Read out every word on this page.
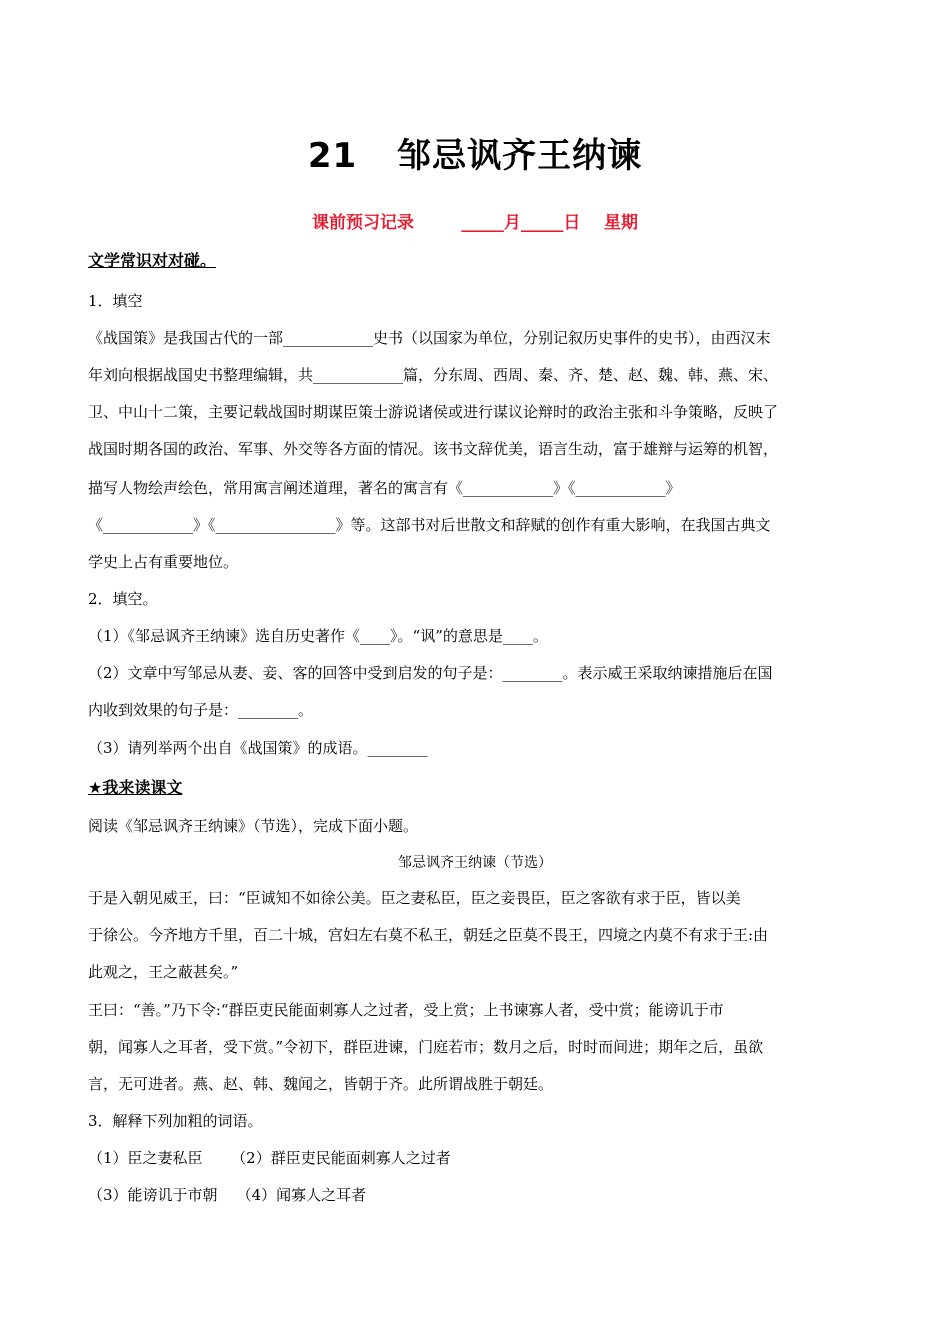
21 邹忌讽齐王纳谏
课前预习记录        _____月_____日    星期
文学常识对对碰。
1．填空
《战国策》是我国古代的一部____________史书（以国家为单位，分别记叙历史事件的史书），由西汉末
年刘向根据战国史书整理编辑，共____________篇，分东周、西周、秦、齐、楚、赵、魏、韩、燕、宋、
卫、中山十二策，主要记载战国时期谋臣策士游说诸侯或进行谋议论辩时的政治主张和斗争策略，反映了
战国时期各国的政治、军事、外交等各方面的情况。该书文辞优美，语言生动，富于雄辩与运筹的机智，
描写人物绘声绘色，常用寓言阐述道理，著名的寓言有《____________》《____________》
《____________》《________________》等。这部书对后世散文和辞赋的创作有重大影响，在我国古典文
学史上占有重要地位。
2．填空。
（1）《邹忌讽齐王纳谏》选自历史著作《____》。“讽”的意思是____。
（2）文章中写邹忌从妻、妾、客的回答中受到启发的句子是：________。表示威王采取纳谏措施后在国
内收到效果的句子是：________。
（3）请列举两个出自《战国策》的成语。________
★我来读课文
阅读《邹忌讽齐王纳谏》（节选），完成下面小题。
邹忌讽齐王纳谏（节选）
于是入朝见威王，曰：“臣诚知不如徐公美。臣之妻私臣，臣之妾畏臣，臣之客欲有求于臣，皆以美
于徐公。今齐地方千里，百二十城，宫妇左右莫不私王，朝廷之臣莫不畏王，四境之内莫不有求于王:由
此观之，王之蔽甚矣。”
王曰：“善。”乃下令:“群臣吏民能面刺寡人之过者，受上赏；上书谏寡人者，受中赏；能谤讥于市
朝，闻寡人之耳者，受下赏。”令初下，群臣进谏，门庭若市；数月之后，时时而间进；期年之后，虽欲
言，无可进者。燕、赵、韩、魏闻之，皆朝于齐。此所谓战胜于朝廷。
3．解释下列加粗的词语。
（1）臣之妻私臣      （2）群臣吏民能面刺寡人之过者
（3）能谤讥于市朝    （4）闻寡人之耳者
